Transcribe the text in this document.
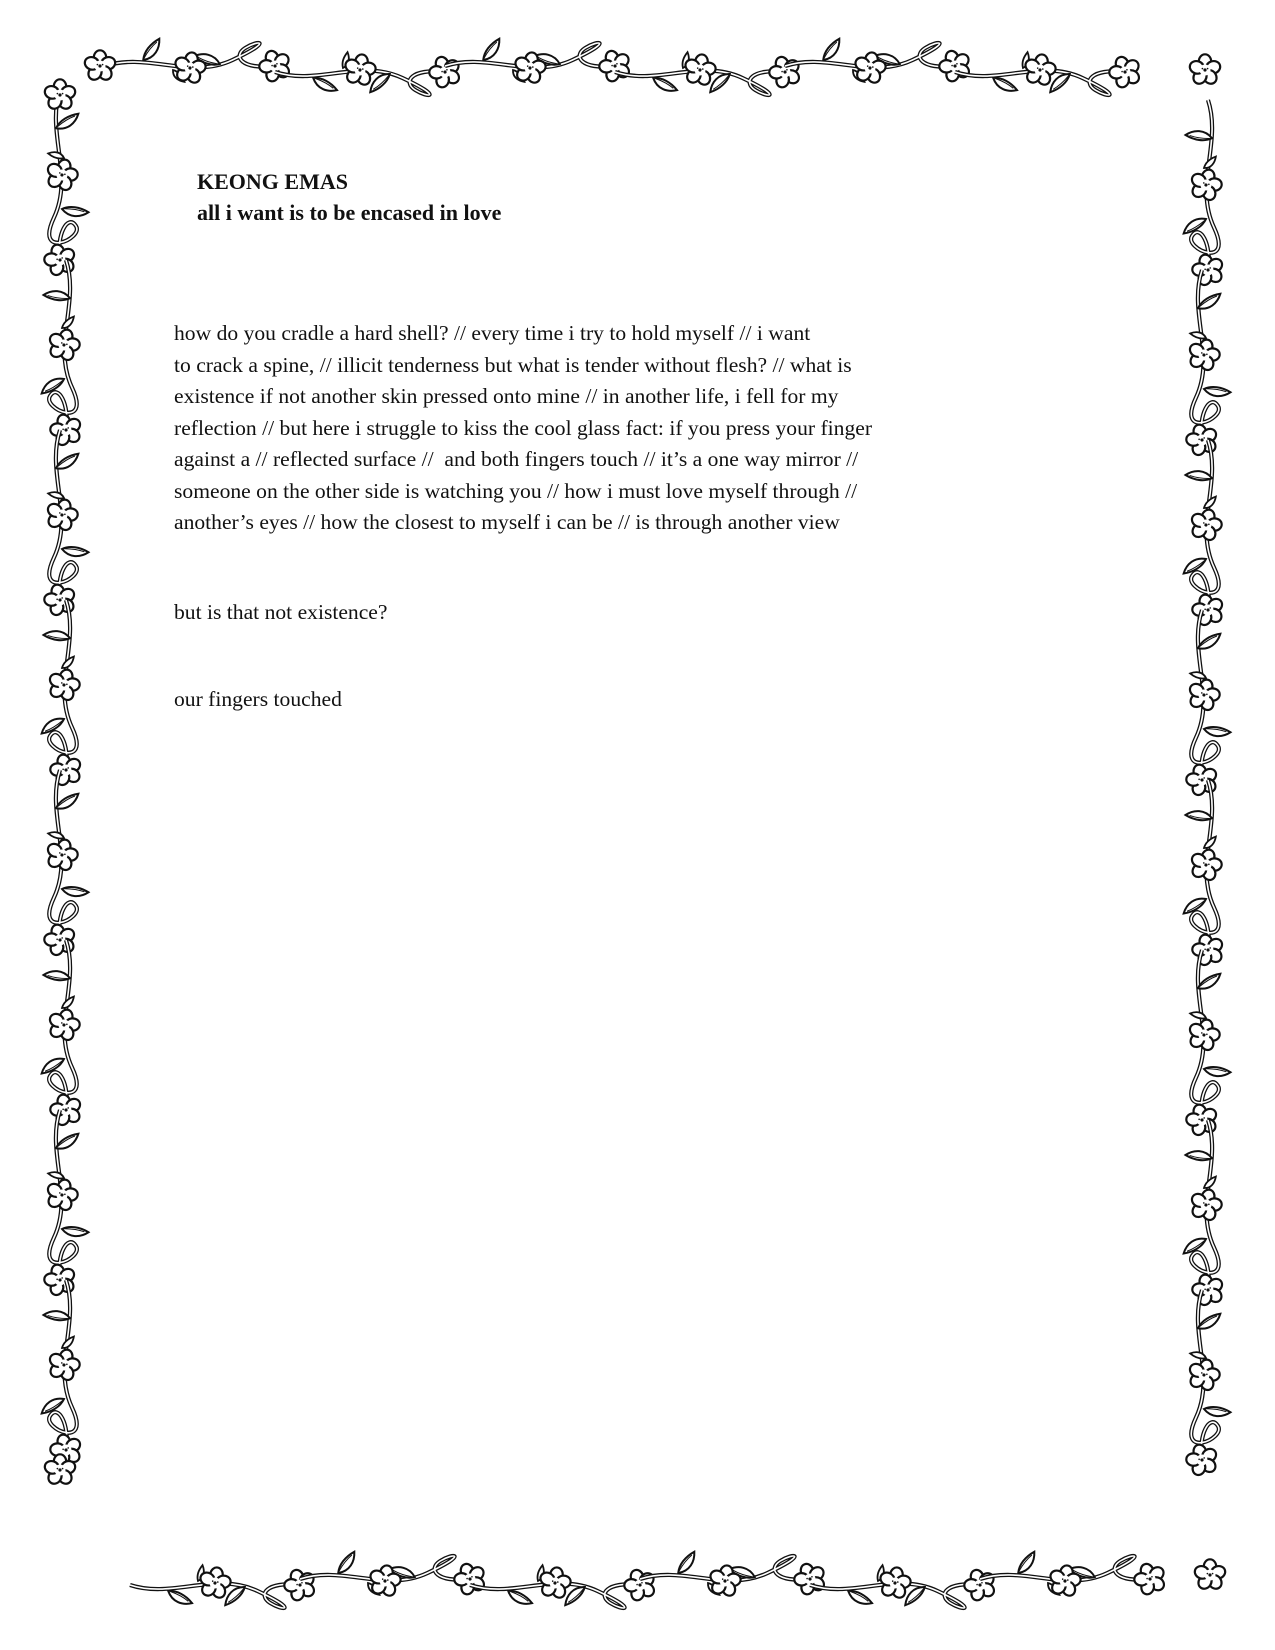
KEONG EMAS
all i want is to be encased in love
how do you cradle a hard shell? // every time i try to hold myself // i want
to crack a spine, // illicit tenderness but what is tender without flesh? // what is
existence if not another skin pressed onto mine // in another life, i fell for my
reflection // but here i struggle to kiss the cool glass fact: if you press your finger
against a // reflected surface //  and both fingers touch // it’s a one way mirror //
someone on the other side is watching you // how i must love myself through //
another’s eyes // how the closest to myself i can be // is through another view
but is that not existence?
our fingers touched
